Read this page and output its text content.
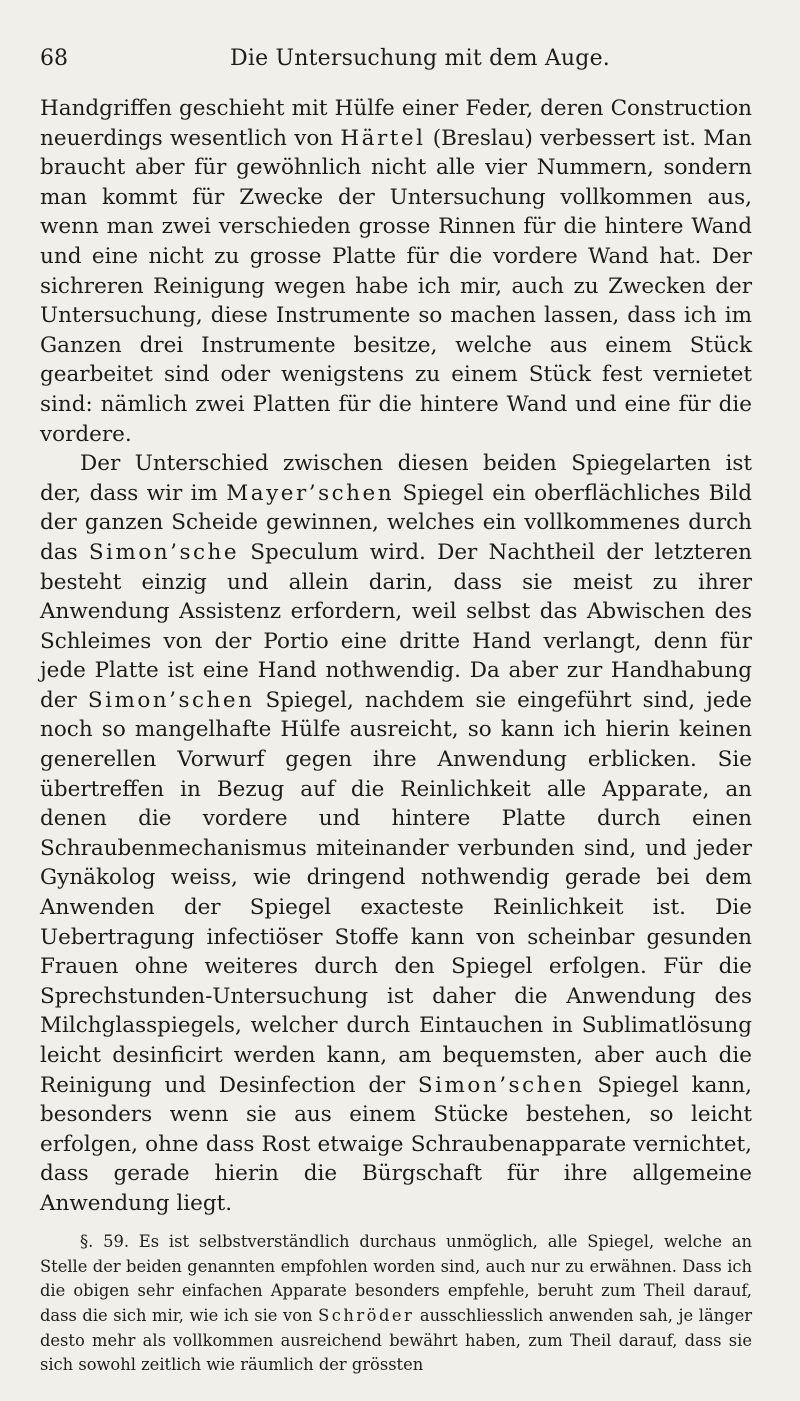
68	Die Untersuchung mit dem Auge.

Handgriffen geschieht mit Hülfe einer Feder, deren Construction neuerdings wesentlich von Härtel (Breslau) verbessert ist. Man braucht aber für gewöhnlich nicht alle vier Nummern, sondern man kommt für Zwecke der Untersuchung vollkommen aus, wenn man zwei verschieden grosse Rinnen für die hintere Wand und eine nicht zu grosse Platte für die vordere Wand hat. Der sichreren Reinigung wegen habe ich mir, auch zu Zwecken der Untersuchung, diese Instrumente so machen lassen, dass ich im Ganzen drei Instrumente besitze, welche aus einem Stück gearbeitet sind oder wenigstens zu einem Stück fest vernietet sind: nämlich zwei Platten für die hintere Wand und eine für die vordere.

Der Unterschied zwischen diesen beiden Spiegelarten ist der, dass wir im Mayer’schen Spiegel ein oberflächliches Bild der ganzen Scheide gewinnen, welches ein vollkommenes durch das Simon’sche Speculum wird. Der Nachtheil der letzteren besteht einzig und allein darin, dass sie meist zu ihrer Anwendung Assistenz erfordern, weil selbst das Abwischen des Schleimes von der Portio eine dritte Hand verlangt, denn für jede Platte ist eine Hand nothwendig. Da aber zur Handhabung der Simon’schen Spiegel, nachdem sie eingeführt sind, jede noch so mangelhafte Hülfe ausreicht, so kann ich hierin keinen generellen Vorwurf gegen ihre Anwendung erblicken. Sie übertreffen in Bezug auf die Reinlichkeit alle Apparate, an denen die vordere und hintere Platte durch einen Schraubenmechanismus miteinander verbunden sind, und jeder Gynäkolog weiss, wie dringend nothwendig gerade bei dem Anwenden der Spiegel exacteste Reinlichkeit ist. Die Uebertragung infectiöser Stoffe kann von scheinbar gesunden Frauen ohne weiteres durch den Spiegel erfolgen. Für die Sprechstunden-Untersuchung ist daher die Anwendung des Milchglasspiegels, welcher durch Eintauchen in Sublimatlösung leicht desinficirt werden kann, am bequemsten, aber auch die Reinigung und Desinfection der Simon’schen Spiegel kann, besonders wenn sie aus einem Stücke bestehen, so leicht erfolgen, ohne dass Rost etwaige Schraubenapparate vernichtet, dass gerade hierin die Bürgschaft für ihre allgemeine Anwendung liegt.

§. 59. Es ist selbstverständlich durchaus unmöglich, alle Spiegel, welche an Stelle der beiden genannten empfohlen worden sind, auch nur zu erwähnen. Dass ich die obigen sehr einfachen Apparate besonders empfehle, beruht zum Theil darauf, dass die sich mir, wie ich sie von Schröder ausschliesslich anwenden sah, je länger desto mehr als vollkommen ausreichend bewährt haben, zum Theil darauf, dass sie sich sowohl zeitlich wie räumlich der grössten
